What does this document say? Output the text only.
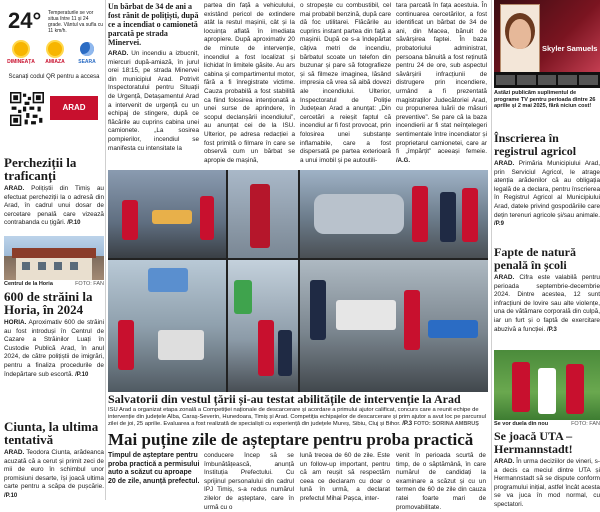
24° Temperaturile se vor situa între 11 și 24 grade. Vântul va sufla cu 11 km/h.
DIMINEAȚA	AMIAZA	SEARA
Scanați codul QR pentru a accesa
ARAD
Percheziții la traficanți
ARAD. Polițiștii din Timiș au efectuat percheziții la o adresă din Arad, în cadrul unui dosar de cercetare penală care vizează contrabanda cu țigări. /P.10
Centrul de la Horia	FOTO: FAN
600 de străini la Horia, în 2024
HORIA. Aproximativ 600 de străini au fost introduși în Centrul de Cazare a Străinilor Luați în Custodie Publică Arad, în anul 2024, de către polițiștii de imigrări, pentru a finaliza procedurile de îndepărtare sub escortă. /P.10
Ciunta, la ultima tentativă
ARAD. Teodora Ciunta, arădeanca acuzată că a cerut și primit zeci de mii de euro în schimbul unor promisiuni desarte, își joacă ultima carte pentru a scăpa de pușcărie. /P.10
Un bărbat de 34 de ani a fost rănit de polițiști, după ce a incendiat o camionetă parcată pe strada Minervei.
ARAD. Un incendiu a izbucnit, miercuri după-amiază, în jurul orei 18:15, pe strada Minervei din municipiul Arad. Potrivit Inspectoratului pentru Situații de Urgență, Detașamentul Arad a intervenit de urgență cu un echipaj de stingere, după ce flăcările au cuprins cabina unei camionete. „La sosirea pompierilor, incendiul se manifesta cu intensitate la
partea din față a vehiculului, existând pericol de extindere atât la restul mașinii, cât și la locuința aflată în imediata apropiere. După aproximativ 20 de minute de intervenție, incendiul a fost localizat și lichidat în limitele găsite. Au ars cabina și compartimentul motor, fără a fi înregistrate victime. Cauza probabilă a fost stabilită ca fiind folosirea intenționată a unei surse de aprindere, în scopul declanșării incendiului”, au anunțat cei de la ISU. Ulterior, pe adresa redacției a fost primită o filmare în care se observă cum un bărbat se apropie de mașină,
o stropește cu combustibil, cel mai probabil benzină, după care dă foc utilitarei. Flăcările au cuprins instant partea din față a mașinii. După ce s-a îndepărtat câțiva metri de incendiu, bărbatul scoate un telefon din buzunar și pare să fotografieze și să filmeze imaginea, lăsând impresia că vrea să aibă dovezi ale incendiului. Ulterior, Inspectoratul de Poliție Județean Arad a anunțat: „Din cercetări a reieșit faptul că incendiul ar fi fost provocat, prin folosirea unei substanțe inflamabile, care a fost dispersată pe partea exterioară a unui imobil și pe autoutili-
tara parcată în fața acestuia. În continuarea cercetărilor, a fost identificat un bărbat de 34 de ani, din Macea, bănuit de săvârșirea faptei. În baza probatoriului administrat, persoana bănuită a fost reținută pentru 24 de ore, sub aspectul săvârșirii infracțiunii de distrugere prin incendiere, urmând a fi prezentată magistraților Judecătoriei Arad, cu propunerea luării de măsuri preventive”. Se pare că la baza incendierii ar fi stat neînțelegeri sentimentale între incendiator și proprietarul camionetei, care ar fi „împărțit” aceeași femeie. /A.G.
Salvatorii din vestul țării și-au testat abilitățile de intervenție la Arad
ISU Arad a organizat etapa zonală a Competiției naționale de descarcerare și acordare a primului ajutor calificat, concurs care a reunit echipe de intervenție din județele Alba, Caraș-Severin, Hunedoara, Timiș și Arad. Competiția echipajelor de descarcerare și prim ajutor a avut loc pe parcursul zilei de joi, 25 aprilie. Evaluarea a fost realizată de specialiști cu experiență din județele Mureș, Sibiu, Cluj și Bihor. /P.3 FOTO: SORINA AMBRUȘ
Mai puține zile de așteptare pentru proba practică
Timpul de așteptare pentru proba practică a permisului auto a scăzut cu aproape 20 de zile, anunță prefectul.
conducere încep să se îmbunătățească, anunță Instituția Prefectului. Cu sprijinul personalului din cadrul IPJ Timiș, s-a redus numărul zilelor de așteptare, care în urmă cu o
lună trecea de 60 de zile. Este un follow-up important, pentru că am reușit să respectăm ceea ce declaram cu doar o lună în urmă, a declarat prefectul Mihai Pașca, inter-
venit în perioada scurtă de timp, de o săptămână, în care numărul de candidați la examinare a scăzut și cu un termen de 60 de zile din cauza ratei foarte mari de promovabilitate.
Skyler Samuels
Astăzi publicăm suplimentul de programe TV pentru perioada dintre 26 aprilie și 2 mai 2025, fără niciun cost!
Înscrierea în registrul agricol
ARAD. Primăria Municipiului Arad, prin Serviciul Agricol, le atrage atenția arădenilor că au obligația legală de a declara, pentru înscrierea în Registrul Agricol al Municipiului Arad, datele privind gospodăriile care dețin terenuri agricole și/sau animale. /P.9
Fapte de natură penală în școli
ARAD. Cifra este valabilă pentru perioada septembrie-decembrie 2024. Dintre acestea, 12 sunt infracțiuni de lovire sau alte violențe, una de vătămare corporală din culpă, iar un furt și o faptă de exercitare abuzivă a funcției. /P.3
Se vor duela din nou	FOTO: FAN
Se joacă UTA – Hermannstadt!
ARAD. În urma deciziilor de vineri, s-a decis ca meciul dintre UTA și Hermannstadt să se dispute conform programului inițial, astfel încât acesta se va juca în mod normal, cu spectatori.
